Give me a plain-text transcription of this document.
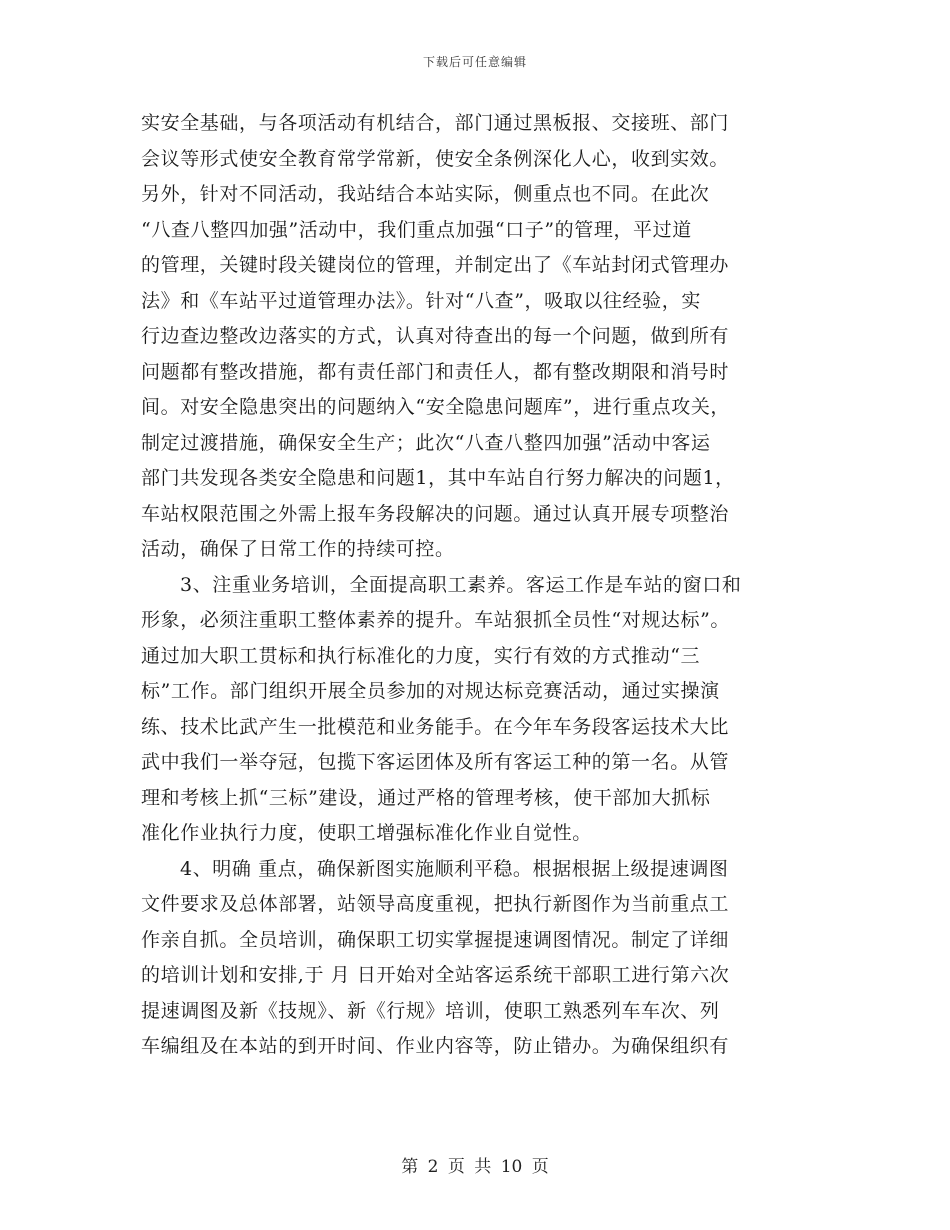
下载后可任意编辑
实安全基础，与各项活动有机结合，部门通过黑板报、交接班、部门
会议等形式使安全教育常学常新，使安全条例深化人心，收到实效。
另外，针对不同活动，我站结合本站实际，侧重点也不同。在此次
“八查八整四加强”活动中，我们重点加强“口子”的管理，平过道
的管理，关键时段关键岗位的管理，并制定出了《车站封闭式管理办
法》和《车站平过道管理办法》。针对“八查”，吸取以往经验，实
行边查边整改边落实的方式，认真对待查出的每一个问题，做到所有
问题都有整改措施，都有责任部门和责任人，都有整改期限和消号时
间。对安全隐患突出的问题纳入“安全隐患问题库”，进行重点攻关，
制定过渡措施，确保安全生产；此次“八查八整四加强”活动中客运
部门共发现各类安全隐患和问题1，其中车站自行努力解决的问题1，
车站权限范围之外需上报车务段解决的问题。通过认真开展专项整治
活动，确保了日常工作的持续可控。
3、注重业务培训，全面提高职工素养。客运工作是车站的窗口和
形象，必须注重职工整体素养的提升。车站狠抓全员性“对规达标”。
通过加大职工贯标和执行标准化的力度，实行有效的方式推动“三
标”工作。部门组织开展全员参加的对规达标竞赛活动，通过实操演
练、技术比武产生一批模范和业务能手。在今年车务段客运技术大比
武中我们一举夺冠，包揽下客运团体及所有客运工种的第一名。从管
理和考核上抓“三标”建设，通过严格的管理考核，使干部加大抓标
准化作业执行力度，使职工增强标准化作业自觉性。
4、明确 重点，确保新图实施顺利平稳。根据根据上级提速调图
文件要求及总体部署，站领导高度重视，把执行新图作为当前重点工
作亲自抓。全员培训，确保职工切实掌握提速调图情况。制定了详细
的培训计划和安排,于 月 日开始对全站客运系统干部职工进行第六次
提速调图及新《技规》、新《行规》培训，使职工熟悉列车车次、列
车编组及在本站的到开时间、作业内容等，防止错办。为确保组织有
第 2 页 共 10 页
